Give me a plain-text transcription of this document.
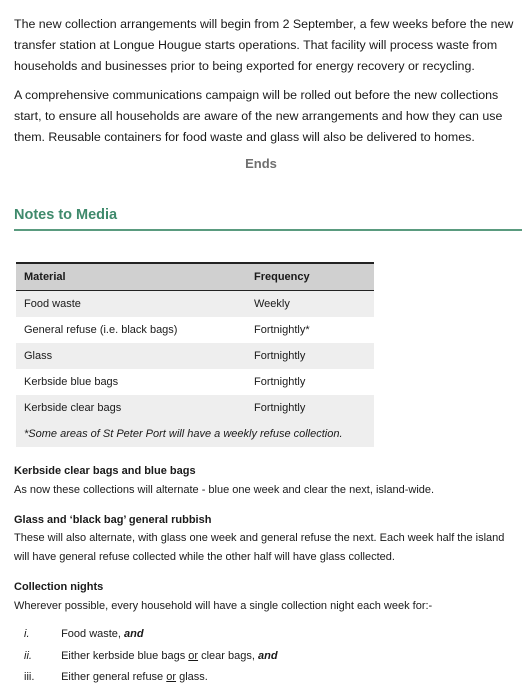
The new collection arrangements will begin from 2 September, a few weeks before the new
transfer station at Longue Hougue starts operations. That facility will process waste from
households and businesses prior to being exported for energy recovery or recycling.
A comprehensive communications campaign will be rolled out before the new collections
start, to ensure all households are aware of the new arrangements and how they can use
them. Reusable containers for food waste and glass will also be delivered to homes.
Ends
Notes to Media
Material	Frequency
Food waste	Weekly
General refuse (i.e. black bags)	Fortnightly*
Glass	Fortnightly
Kerbside blue bags	Fortnightly
Kerbside clear bags	Fortnightly
*Some areas of St Peter Port will have a weekly refuse collection.	
Kerbside clear bags and blue bags
As now these collections will alternate - blue one week and clear the next, island-wide.
Glass and ‘black bag’ general rubbish
These will also alternate, with glass one week and general refuse the next. Each week half the island
will have general refuse collected while the other half will have glass collected.
Collection nights
Wherever possible, every household will have a single collection night each week for:-
i.	Food waste, and
ii.	Either kerbside blue bags or clear bags, and
iii. Either general refuse or glass.
